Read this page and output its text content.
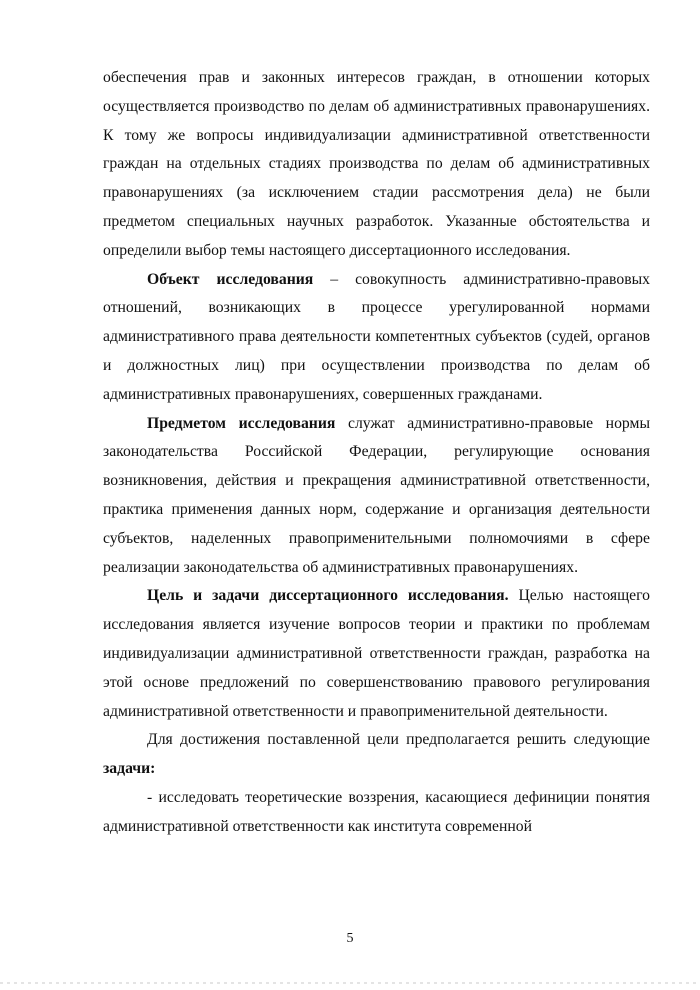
обеспечения прав и законных интересов граждан, в отношении которых осуществляется производство по делам об административных правонарушениях. К тому же вопросы индивидуализации административной ответственности граждан на отдельных стадиях производства по делам об административных правонарушениях (за исключением стадии рассмотрения дела) не были предметом специальных научных разработок. Указанные обстоятельства и определили выбор темы настоящего диссертационного исследования.

Объект исследования – совокупность административно-правовых отношений, возникающих в процессе урегулированной нормами административного права деятельности компетентных субъектов (судей, органов и должностных лиц) при осуществлении производства по делам об административных правонарушениях, совершенных гражданами.

Предметом исследования служат административно-правовые нормы законодательства Российской Федерации, регулирующие основания возникновения, действия и прекращения административной ответственности, практика применения данных норм, содержание и организация деятельности субъектов, наделенных правоприменительными полномочиями в сфере реализации законодательства об административных правонарушениях.

Цель и задачи диссертационного исследования. Целью настоящего исследования является изучение вопросов теории и практики по проблемам индивидуализации административной ответственности граждан, разработка на этой основе предложений по совершенствованию правового регулирования административной ответственности и правоприменительной деятельности.

Для достижения поставленной цели предполагается решить следующие задачи:

- исследовать теоретические воззрения, касающиеся дефиниции понятия административной ответственности как института современной

5
